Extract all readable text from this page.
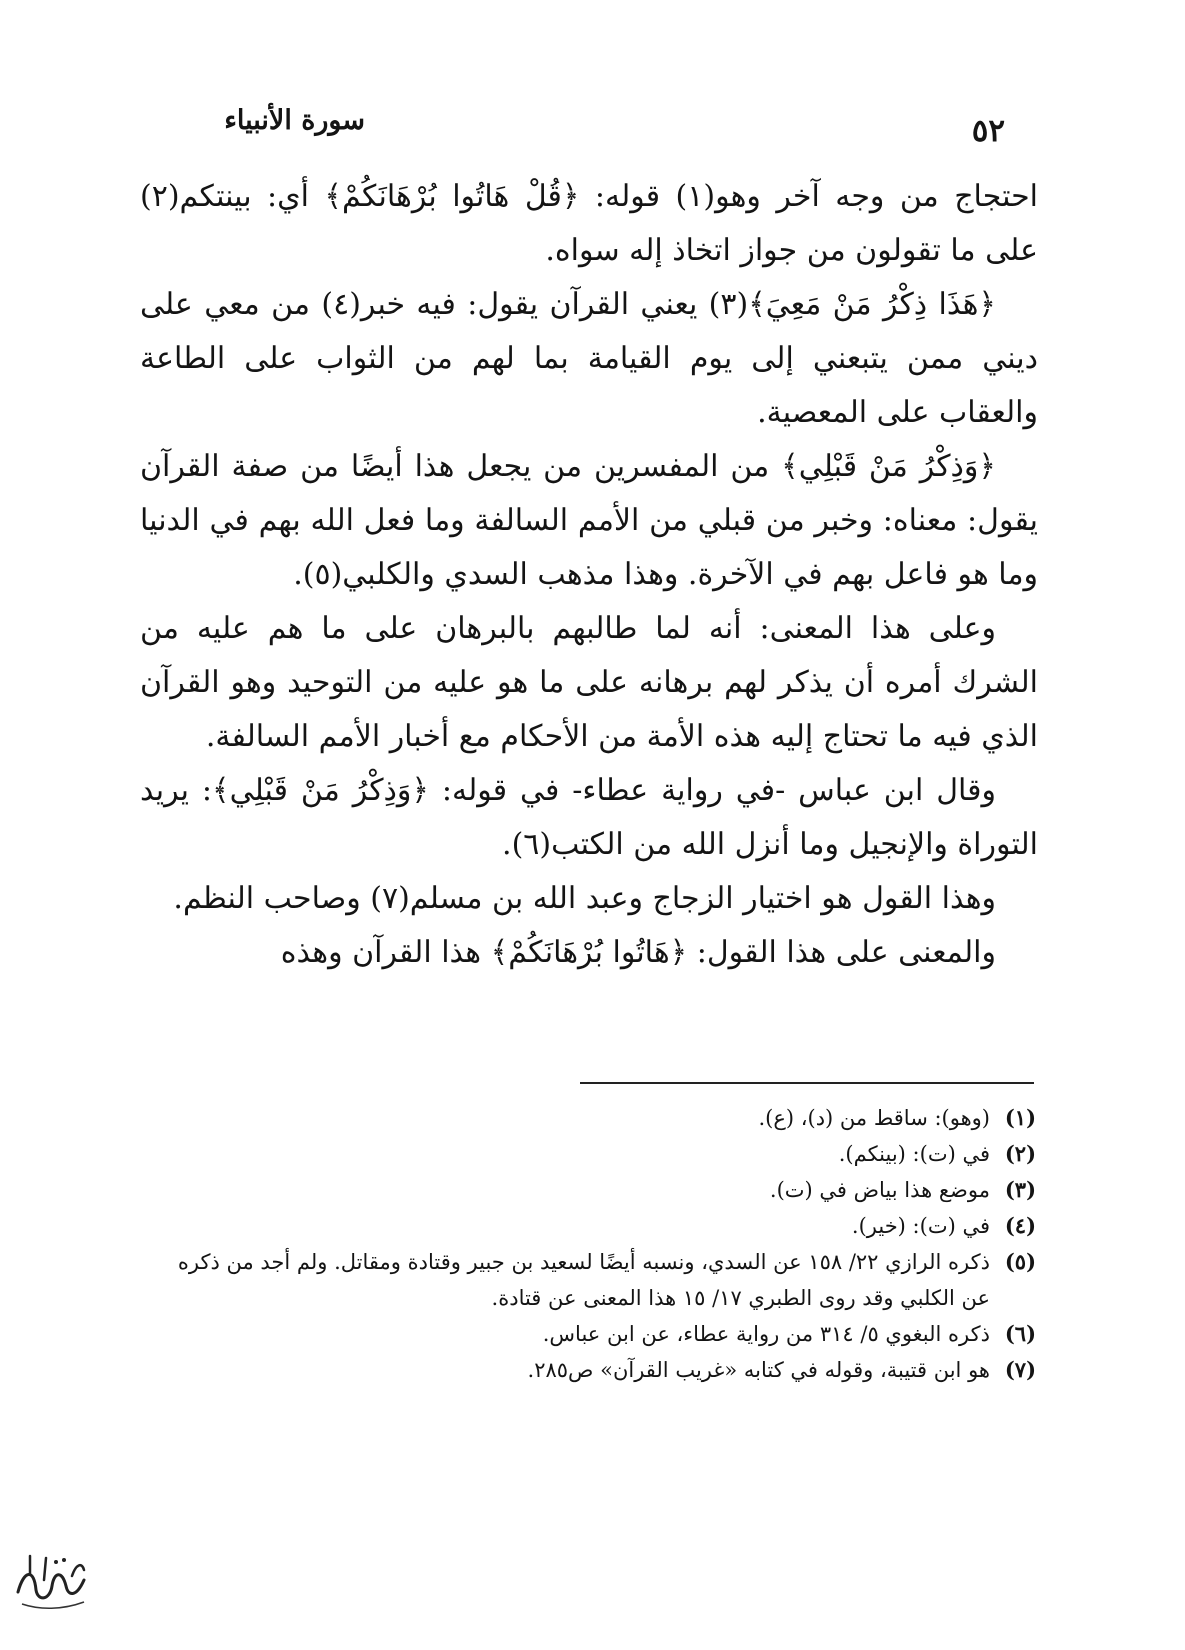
سورة الأنبياء	٥٢

احتجاج من وجه آخر وهو(١) قوله: ﴿قُلْ هَاتُوا بُرْهَانَكُمْ﴾ أي: بينتكم(٢) على ما تقولون من جواز اتخاذ إله سواه.

﴿هَذَا ذِكْرُ مَنْ مَعِيَ﴾(٣) يعني القرآن يقول: فيه خبر(٤) من معي على ديني ممن يتبعني إلى يوم القيامة بما لهم من الثواب على الطاعة والعقاب على المعصية.

﴿وَذِكْرُ مَنْ قَبْلِي﴾ من المفسرين من يجعل هذا أيضًا من صفة القرآن يقول: معناه: وخبر من قبلي من الأمم السالفة وما فعل الله بهم في الدنيا وما هو فاعل بهم في الآخرة. وهذا مذهب السدي والكلبي(٥).

وعلى هذا المعنى: أنه لما طالبهم بالبرهان على ما هم عليه من الشرك أمره أن يذكر لهم برهانه على ما هو عليه من التوحيد وهو القرآن الذي فيه ما تحتاج إليه هذه الأمة من الأحكام مع أخبار الأمم السالفة.

وقال ابن عباس -في رواية عطاء- في قوله: ﴿وَذِكْرُ مَنْ قَبْلِي﴾: يريد التوراة والإنجيل وما أنزل الله من الكتب(٦).

وهذا القول هو اختيار الزجاج وعبد الله بن مسلم(٧) وصاحب النظم.

والمعنى على هذا القول: ﴿هَاتُوا بُرْهَانَكُمْ﴾ هذا القرآن وهذه

(١)
(وهو): ساقط من (د)، (ع).
(٢)
في (ت): (بينكم).
(٣)
موضع هذا بياض في (ت).
(٤)
في (ت): (خير).
(٥)
ذكره الرازي ٢٢/ ١٥٨ عن السدي، ونسبه أيضًا لسعيد بن جبير وقتادة ومقاتل. ولم أجد من ذكره عن الكلبي وقد روى الطبري ١٧/ ١٥ هذا المعنى عن قتادة.
(٦)
ذكره البغوي ٥/ ٣١٤ من رواية عطاء، عن ابن عباس.
(٧)
هو ابن قتيبة، وقوله في كتابه «غريب القرآن» ص٢٨٥.
